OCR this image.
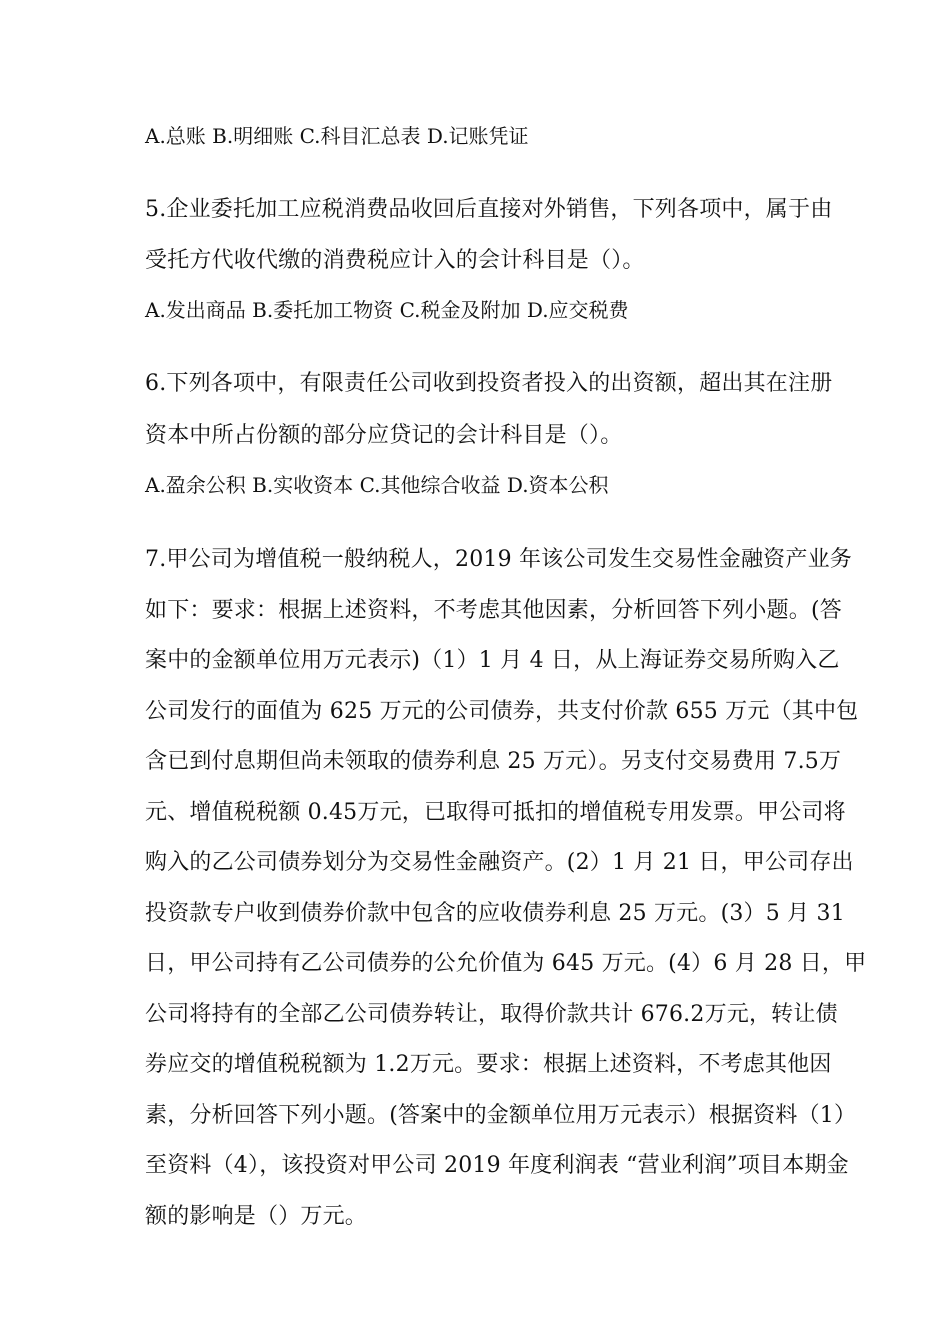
A.总账 B.明细账 C.科目汇总表 D.记账凭证
5.企业委托加工应税消费品收回后直接对外销售，下列各项中，属于由
受托方代收代缴的消费税应计入的会计科目是（）。
A.发出商品 B.委托加工物资 C.税金及附加 D.应交税费
6.下列各项中，有限责任公司收到投资者投入的出资额，超出其在注册
资本中所占份额的部分应贷记的会计科目是（）。
A.盈余公积 B.实收资本 C.其他综合收益 D.资本公积
7.甲公司为增值税一般纳税人，2019 年该公司发生交易性金融资产业务
如下：要求：根据上述资料，不考虑其他因素，分析回答下列小题。(答
案中的金额单位用万元表示)（1）1 月 4 日，从上海证券交易所购入乙
公司发行的面值为 625 万元的公司债券，共支付价款 655 万元（其中包
含已到付息期但尚未领取的债券利息 25 万元）。另支付交易费用 7.5万
元、增值税税额 0.45万元，已取得可抵扣的增值税专用发票。甲公司将
购入的乙公司债券划分为交易性金融资产。(2）1 月 21 日，甲公司存出
投资款专户收到债券价款中包含的应收债券利息 25 万元。(3）5 月 31
日，甲公司持有乙公司债券的公允价值为 645 万元。(4）6 月 28 日，甲
公司将持有的全部乙公司债券转让，取得价款共计 676.2万元，转让债
券应交的增值税税额为 1.2万元。要求：根据上述资料，不考虑其他因
素，分析回答下列小题。(答案中的金额单位用万元表示）根据资料（1）
至资料（4），该投资对甲公司 2019 年度利润表 “营业利润”项目本期金
额的影响是（）万元。
